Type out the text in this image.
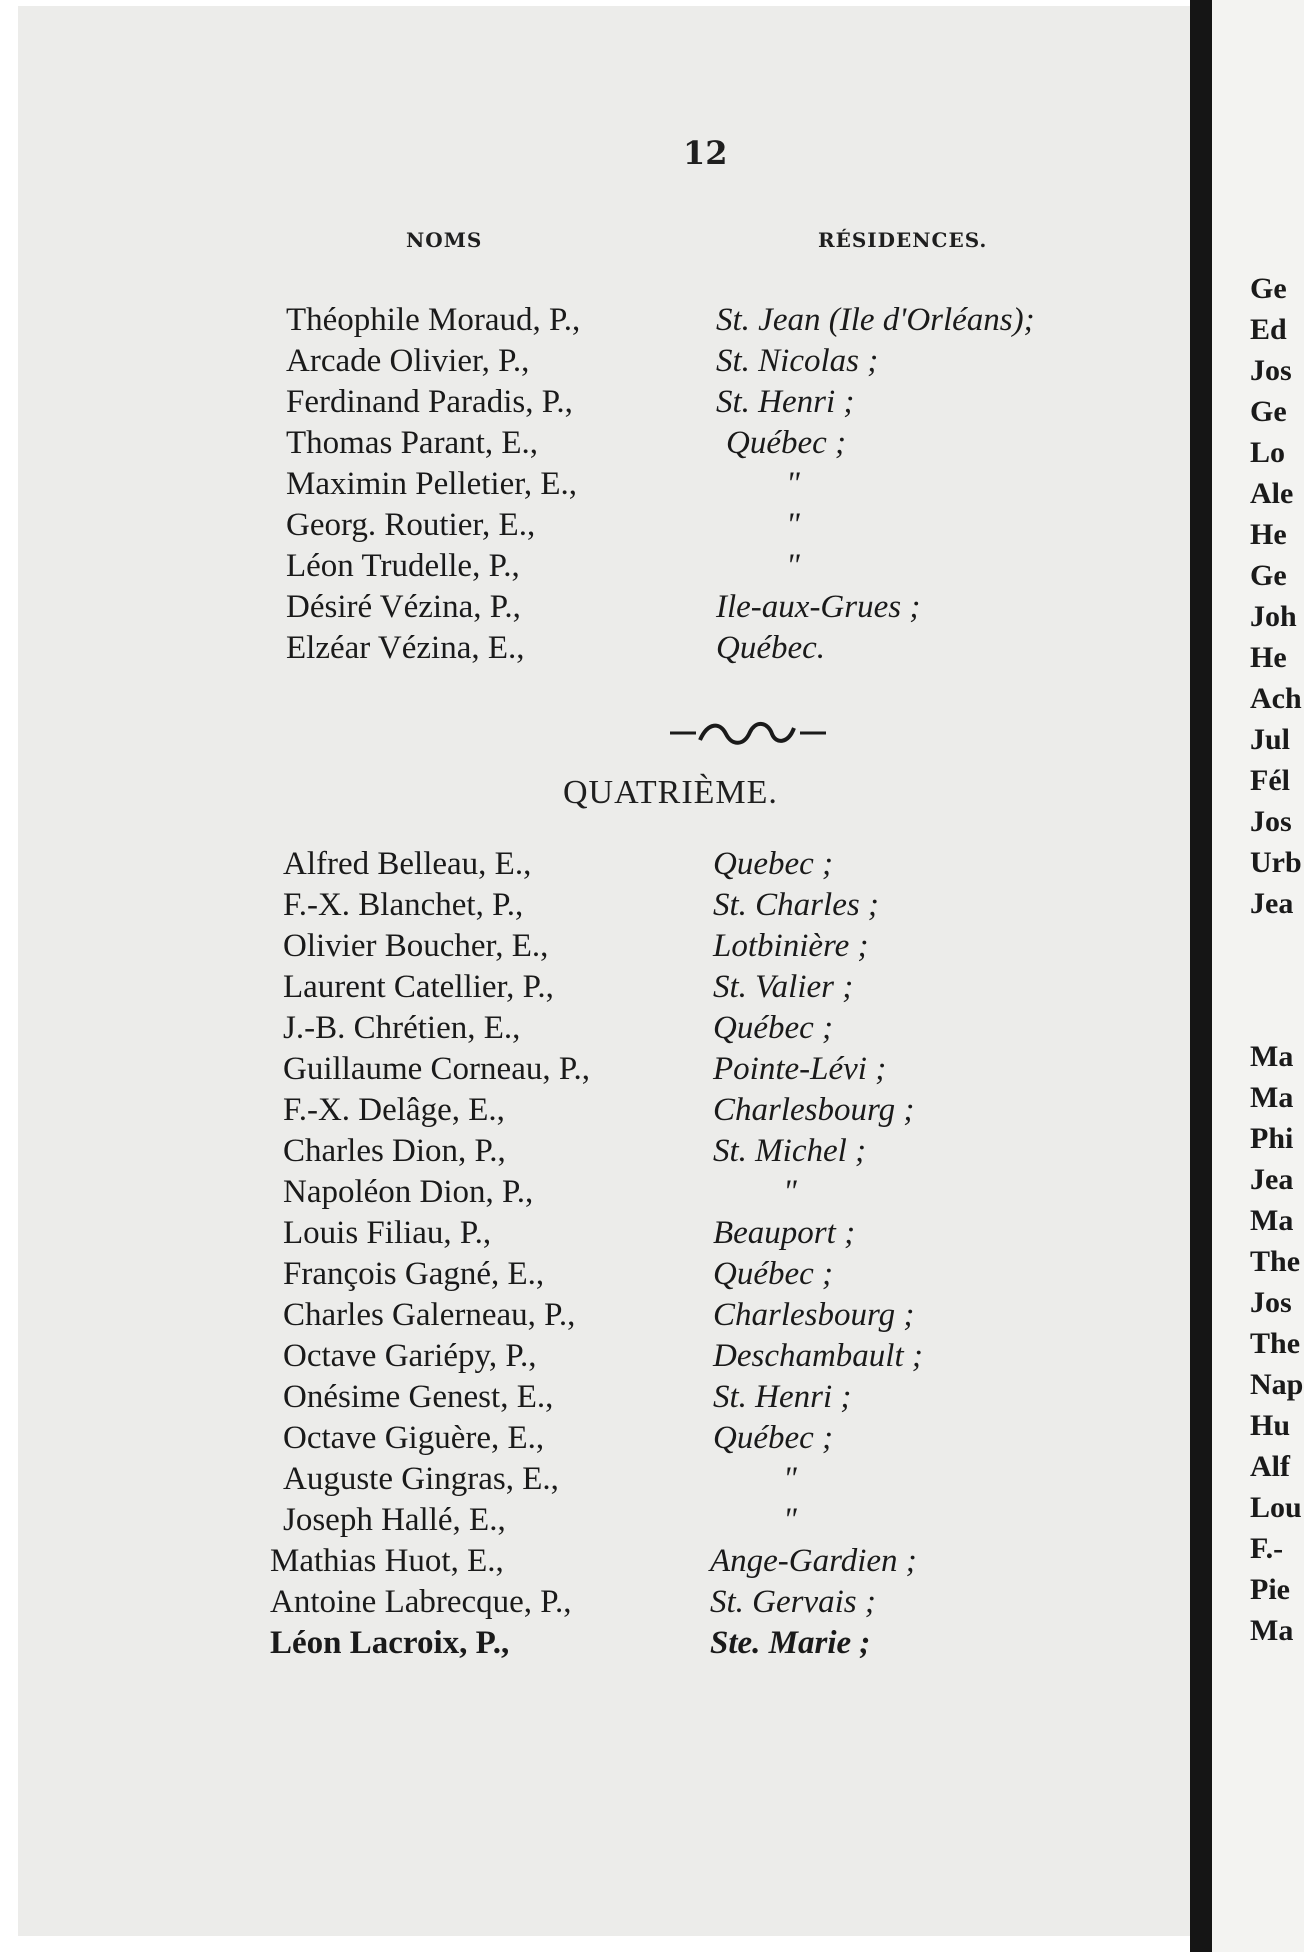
12
NOMS	RÉSIDENCES.
Théophile Moraud, P.,	St. Jean (Ile d'Orléans);
Arcade Olivier, P.,	St. Nicolas ;
Ferdinand Paradis, P.,	St. Henri ;
Thomas Parant, E.,	Québec ;
Maximin Pelletier, E.,	"
Georg. Routier, E.,	"
Léon Trudelle, P.,	"
Désiré Vézina, P.,	Ile-aux-Grues ;
Elzéar Vézina, E.,	Québec.
QUATRIÈME.
Alfred Belleau, E.,	Quebec ;
F.-X. Blanchet, P.,	St. Charles ;
Olivier Boucher, E.,	Lotbinière ;
Laurent Catellier, P.,	St. Valier ;
J.-B. Chrétien, E.,	Québec ;
Guillaume Corneau, P.,	Pointe-Lévi ;
F.-X. Delâge, E.,	Charlesbourg ;
Charles Dion, P.,	St. Michel ;
Napoléon Dion, P.,	"
Louis Filiau, P.,	Beauport ;
François Gagné, E.,	Québec ;
Charles Galerneau, P.,	Charlesbourg ;
Octave Gariépy, P.,	Deschambault ;
Onésime Genest, E.,	St. Henri ;
Octave Giguère, E.,	Québec ;
Auguste Gingras, E.,	"
Joseph Hallé, E.,	"
Mathias Huot, E.,	Ange-Gardien ;
Antoine Labrecque, P.,	St. Gervais ;
Léon Lacroix, P.,	Ste. Marie ;
Ge
Ed
Jos
Ge
Lo
Ale
He
Ge
Joh
He
Ach
Jul
Fél
Jos
Urb
Jea
Ma
Ma
Phi
Jea
Ma
The
Jos
The
Nap
Hu
Alf
Lou
F.-
Pie
Ma
